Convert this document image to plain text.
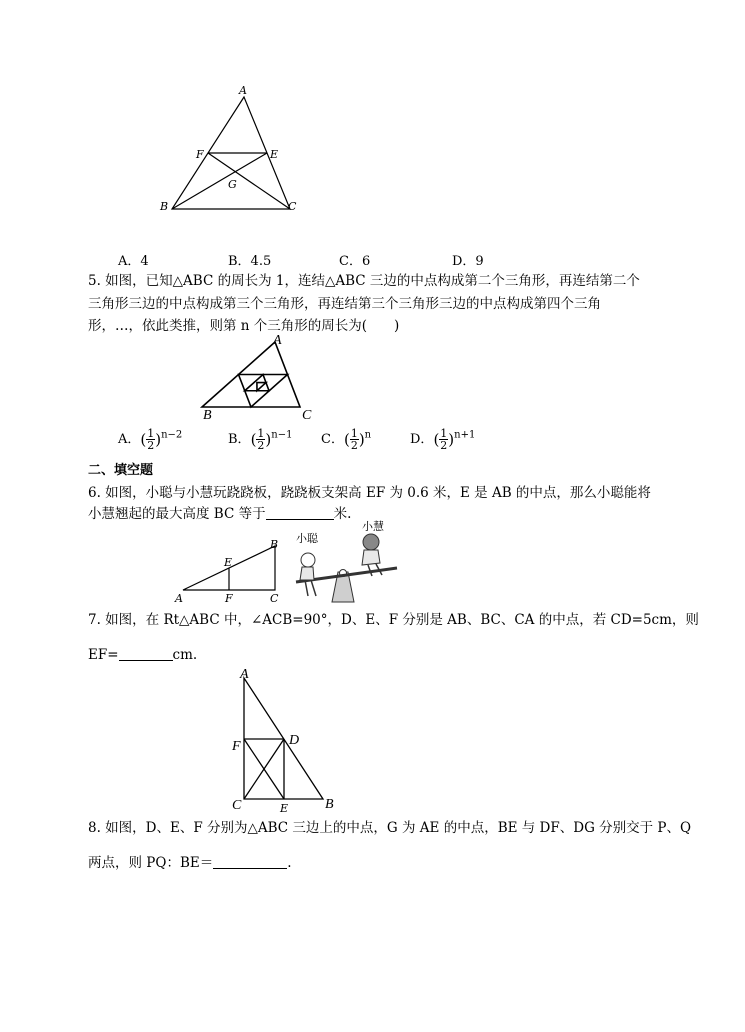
A
B	C
F	E
G
A．4	B．4.5	C．6	D．9
5. 如图，已知△ABC 的周长为 1，连结△ABC 三边的中点构成第二个三角形，再连结第二个
三角形三边的中点构成第三个三角形，再连结第三个三角形三边的中点构成第四个三角
形，…，依此类推，则第 n 个三角形的周长为(　　)
A
B	C
A．( $\frac{1}{2} )^{n-2}$	B．( $\frac{1}{2} )^{n-1}$ C．( $\frac{1}{2} )^n$	D．( $\frac{1}{2} )^{n+1}$
二、填空题
6. 如图，小聪与小慧玩跷跷板，跷跷板支架高 EF 为 0.6 米，E 是 AB 的中点，那么小聪能将
小慧翘起的最大高度 BC 等于	米.
A
B
C
E
F
小聪
小慧
7. 如图，在 Rt△ABC 中，∠ACB=90°，D、E、F 分别是 AB、BC、CA 的中点，若 CD=5cm，则
EF=	cm.
A
F	D
C	E	B
8. 如图，D、E、F 分别为△ABC 三边上的中点，G 为 AE 的中点，BE 与 DF、DG 分别交于 P、Q
两点，则 PQ：BE＝	.
